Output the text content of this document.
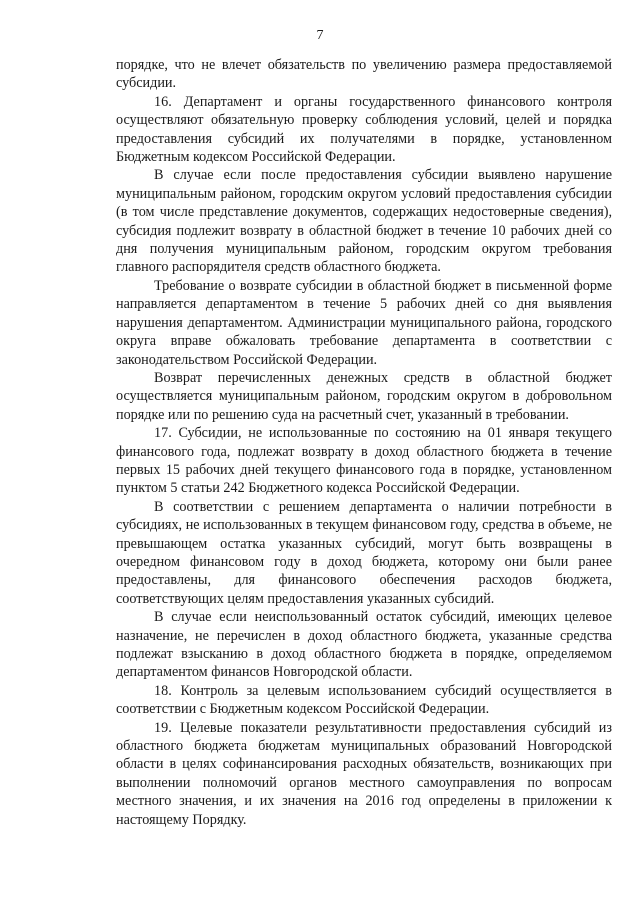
7

порядке, что не влечет обязательств по увеличению размера предоставляемой субсидии.

16. Департамент и органы государственного финансового контроля осуществляют обязательную проверку соблюдения условий, целей и порядка предоставления субсидий их получателями в порядке, установленном Бюджетным кодексом Российской Федерации.

В случае если после предоставления субсидии выявлено нарушение муниципальным районом, городским округом условий предоставления субсидии (в том числе представление документов, содержащих недостоверные сведения), субсидия подлежит возврату в областной бюджет в течение 10 рабочих дней со дня получения муниципальным районом, городским округом требования главного распорядителя средств областного бюджета.

Требование о возврате субсидии в областной бюджет в письменной форме направляется департаментом в течение 5 рабочих дней со дня выявления нарушения департаментом. Администрации муниципального района, городского округа вправе обжаловать требование департамента в соответствии с законодательством Российской Федерации.

Возврат перечисленных денежных средств в областной бюджет осуществляется муниципальным районом, городским округом в добровольном порядке или по решению суда на расчетный счет, указанный в требовании.

17. Субсидии, не использованные по состоянию на 01 января текущего финансового года, подлежат возврату в доход областного бюджета в течение первых 15 рабочих дней текущего финансового года в порядке, установленном пунктом 5 статьи 242 Бюджетного кодекса Российской Федерации.

В соответствии с решением департамента о наличии потребности в субсидиях, не использованных в текущем финансовом году, средства в объеме, не превышающем остатка указанных субсидий, могут быть возвращены в очередном финансовом году в доход бюджета, которому они были ранее предоставлены, для финансового обеспечения расходов бюджета, соответствующих целям предоставления указанных субсидий.

В случае если неиспользованный остаток субсидий, имеющих целевое назначение, не перечислен в доход областного бюджета, указанные средства подлежат взысканию в доход областного бюджета в порядке, определяемом департаментом финансов Новгородской области.

18. Контроль за целевым использованием субсидий осуществляется в соответствии с Бюджетным кодексом Российской Федерации.

19. Целевые показатели результативности предоставления субсидий из областного бюджета бюджетам муниципальных образований Новгородской области в целях софинансирования расходных обязательств, возникающих при выполнении полномочий органов местного самоуправления по вопросам местного значения, и их значения на 2016 год определены в приложении к настоящему Порядку.
